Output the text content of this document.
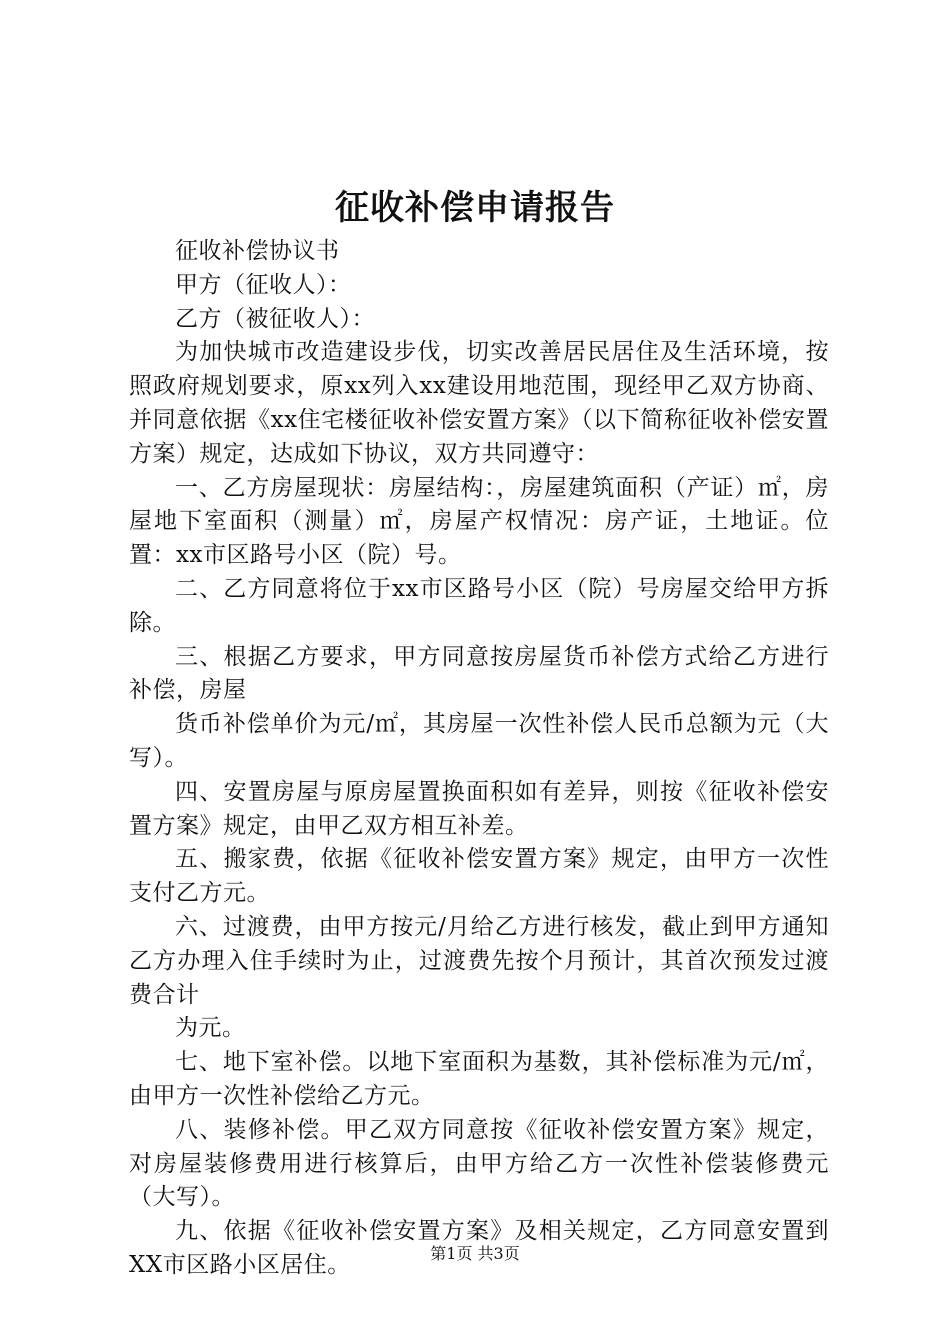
征收补偿申请报告

征收补偿协议书

甲方（征收人）：

乙方（被征收人）：

为加快城市改造建设步伐，切实改善居民居住及生活环境，按照政府规划要求，原xx列入xx建设用地范围，现经甲乙双方协商、并同意依据《xx住宅楼征收补偿安置方案》（以下简称征收补偿安置方案）规定，达成如下协议，双方共同遵守：

一、乙方房屋现状：房屋结构：，房屋建筑面积（产证）㎡，房屋地下室面积（测量）㎡，房屋产权情况：房产证，土地证。位置：xx市区路号小区（院）号。

二、乙方同意将位于xx市区路号小区（院）号房屋交给甲方拆除。

三、根据乙方要求，甲方同意按房屋货币补偿方式给乙方进行补偿，房屋

货币补偿单价为元/㎡，其房屋一次性补偿人民币总额为元（大写）。

四、安置房屋与原房屋置换面积如有差异，则按《征收补偿安置方案》规定，由甲乙双方相互补差。

五、搬家费，依据《征收补偿安置方案》规定，由甲方一次性支付乙方元。

六、过渡费，由甲方按元/月给乙方进行核发，截止到甲方通知乙方办理入住手续时为止，过渡费先按个月预计，其首次预发过渡费合计

为元。

七、地下室补偿。以地下室面积为基数，其补偿标准为元/㎡，由甲方一次性补偿给乙方元。

八、装修补偿。甲乙双方同意按《征收补偿安置方案》规定，对房屋装修费用进行核算后，由甲方给乙方一次性补偿装修费元（大写）。

九、依据《征收补偿安置方案》及相关规定，乙方同意安置到XX市区路小区居住。	第1页 共3页
